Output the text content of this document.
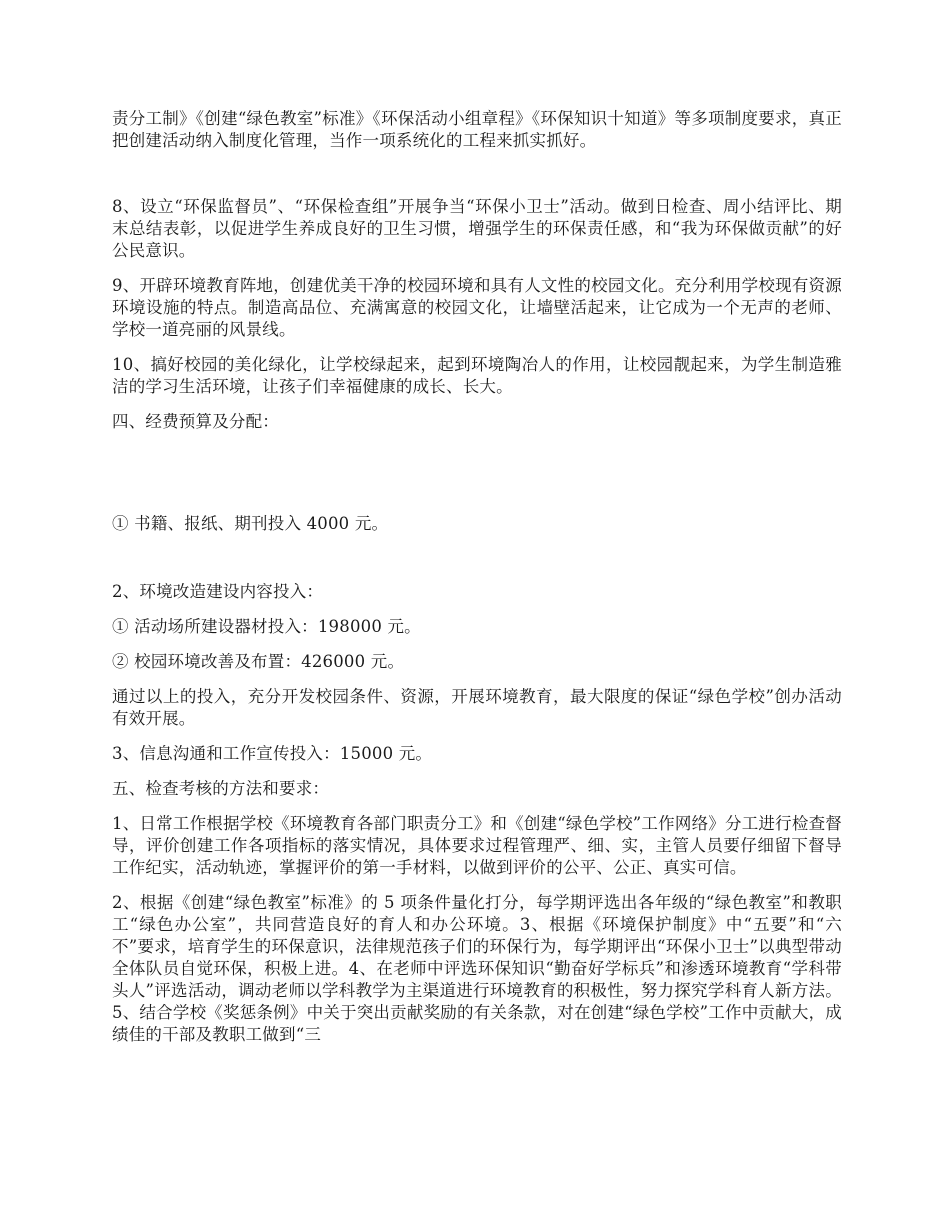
责分工制》《创建“绿色教室”标准》《环保活动小组章程》《环保知识十知道》等多项制度要求，真正把创建活动纳入制度化管理，当作一项系统化的工程来抓实抓好。

8、设立“环保监督员”、“环保检查组”开展争当“环保小卫士”活动。做到日检查、周小结评比、期末总结表彰，以促进学生养成良好的卫生习惯，增强学生的环保责任感，和“我为环保做贡献”的好公民意识。

9、开辟环境教育阵地，创建优美干净的校园环境和具有人文性的校园文化。充分利用学校现有资源环境设施的特点。制造高品位、充满寓意的校园文化，让墙壁活起来，让它成为一个无声的老师、学校一道亮丽的风景线。

10、搞好校园的美化绿化，让学校绿起来，起到环境陶冶人的作用，让校园靓起来，为学生制造雅洁的学习生活环境，让孩子们幸福健康的成长、长大。

四、经费预算及分配：

① 书籍、报纸、期刊投入 4000 元。

2、环境改造建设内容投入：

① 活动场所建设器材投入：198000 元。

② 校园环境改善及布置：426000 元。

通过以上的投入，充分开发校园条件、资源，开展环境教育，最大限度的保证“绿色学校”创办活动有效开展。

3、信息沟通和工作宣传投入：15000 元。

五、检查考核的方法和要求：

1、日常工作根据学校《环境教育各部门职责分工》和《创建“绿色学校”工作网络》分工进行检查督导，评价创建工作各项指标的落实情况，具体要求过程管理严、细、实，主管人员要仔细留下督导工作纪实，活动轨迹，掌握评价的第一手材料，以做到评价的公平、公正、真实可信。

2、根据《创建“绿色教室”标准》的 5 项条件量化打分，每学期评选出各年级的“绿色教室”和教职工“绿色办公室”，共同营造良好的育人和办公环境。3、根据《环境保护制度》中“五要”和“六不”要求，培育学生的环保意识，法律规范孩子们的环保行为，每学期评出“环保小卫士”以典型带动全体队员自觉环保，积极上进。4、在老师中评选环保知识“勤奋好学标兵”和渗透环境教育“学科带头人”评选活动，调动老师以学科教学为主渠道进行环境教育的积极性，努力探究学科育人新方法。5、结合学校《奖惩条例》中关于突出贡献奖励的有关条款，对在创建“绿色学校”工作中贡献大，成绩佳的干部及教职工做到“三
